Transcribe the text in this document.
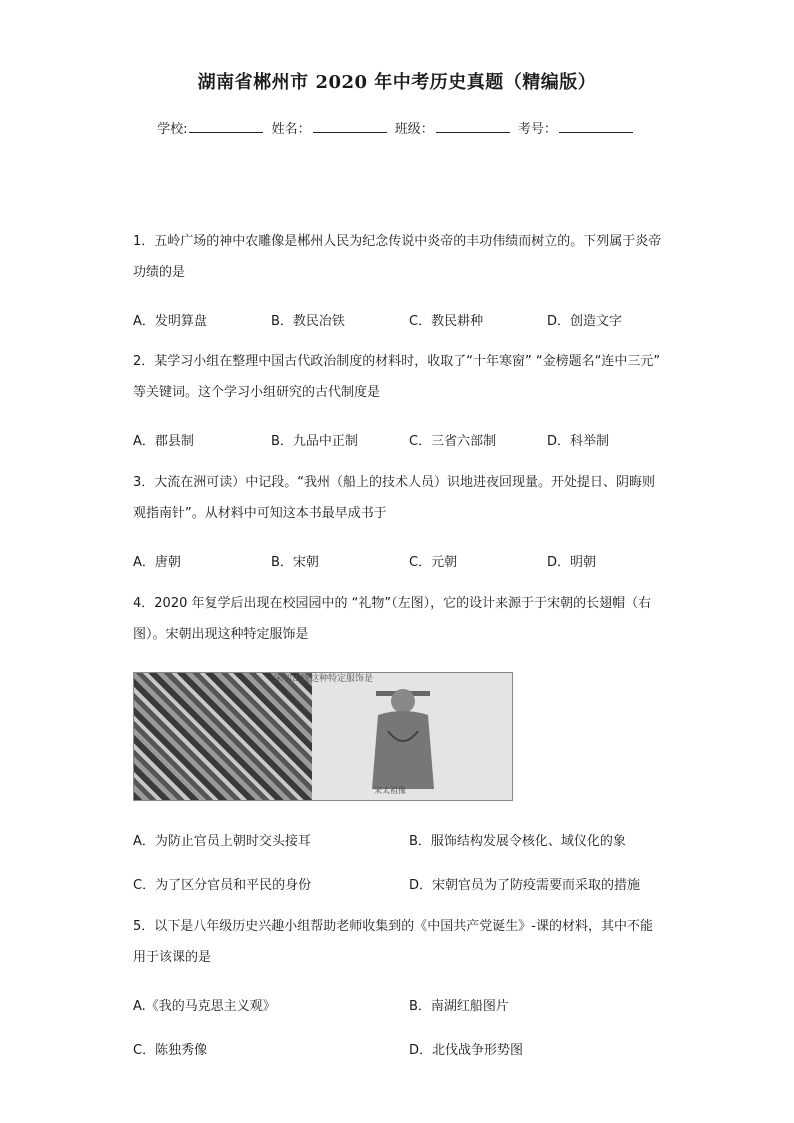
湖南省郴州市 2020 年中考历史真题（精编版）
学校:	姓名：	班级：	考号：
1．五岭广场的神中农雕像是郴州人民为纪念传说中炎帝的丰功伟绩而树立的。下列属于炎帝功绩的是
A．发明算盘	B．教民冶铁	C．教民耕种	D．创造文字
2．某学习小组在整理中国古代政治制度的材料时，收取了“十年寒窗” “金榜题名“连中三元” 等关键词。这个学习小组研究的古代制度是
A．郡县制	B．九品中正制	C．三省六部制	D．科举制
3．大流在洲可读）中记段。“我州（船上的技术人员）识地进夜回现量。开处提日、阴晦则观指南针”。从材料中可知这本书最早成书于
A．唐朝	B．宋朝	C．元朝	D．明朝
4．2020 年复学后出现在校园园中的 “礼物”（左图），它的设计来源于于宋朝的长翅帽（右图）。宋朝出现这种特定服饰是
宋太祖像
宋朝出现这种特定服饰是
A．为防止官员上朝时交头接耳	B．服饰结构发展令核化、域仪化的象
C．为了区分官员和平民的身份	D．宋朝官员为了防疫需要而采取的措施
5．以下是八年级历史兴趣小组帮助老师收集到的《中国共产党诞生》-课的材料，其中不能用于该课的是
A.《我的马克思主义观》	B．南湖红船图片
C．陈独秀像	D．北伐战争形势图
